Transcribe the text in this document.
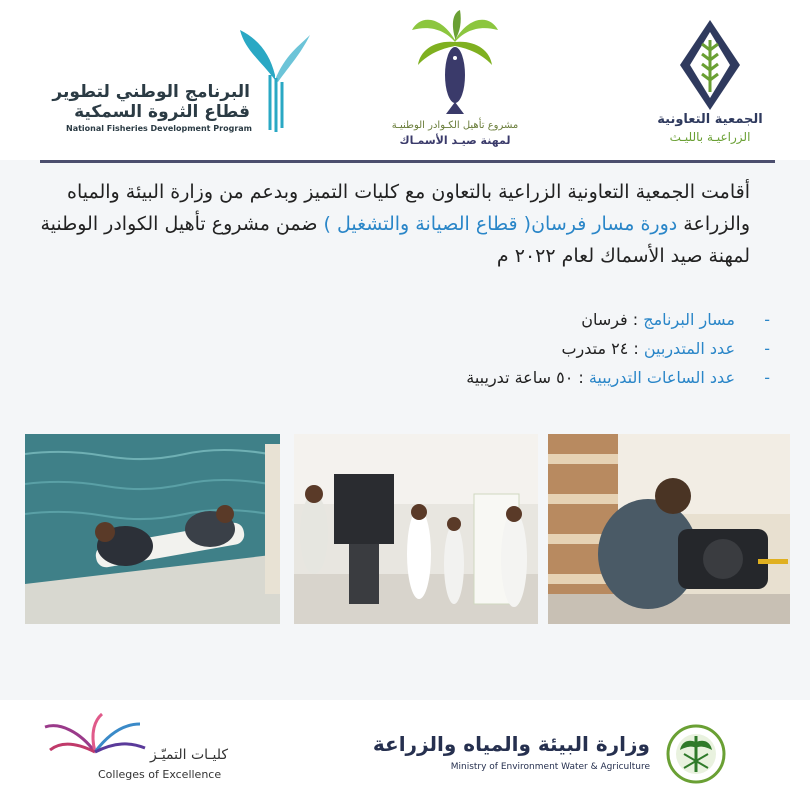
البرنامج الوطني لتطوير
قطاع الثروة السمكية
National Fisheries Development Program	مشروع تأهيل الكـوادر الوطنيـة
لمهنة صيـد الأسمـاك
الجمعية التعاونية
الزراعيـة بالليـث
أقامت الجمعية التعاونية الزراعية بالتعاون مع كليات التميز وبدعم من وزارة البيئة والمياه والزراعة دورة مسار فرسان( قطاع الصيانة والتشغيل ) ضمن مشروع تأهيل الكوادر الوطنية لمهنة صيد الأسماك لعام ٢٠٢٢ م
-مسار البرنامج : فرسان
-عدد المتدربين : ٢٤ متدرب
-عدد الساعات التدريبية : ٥٠ ساعة تدريبية
كليـات التميّـز
Colleges of Excellence
وزارة البيئة والمياه والزراعة
Ministry of Environment Water & Agriculture
